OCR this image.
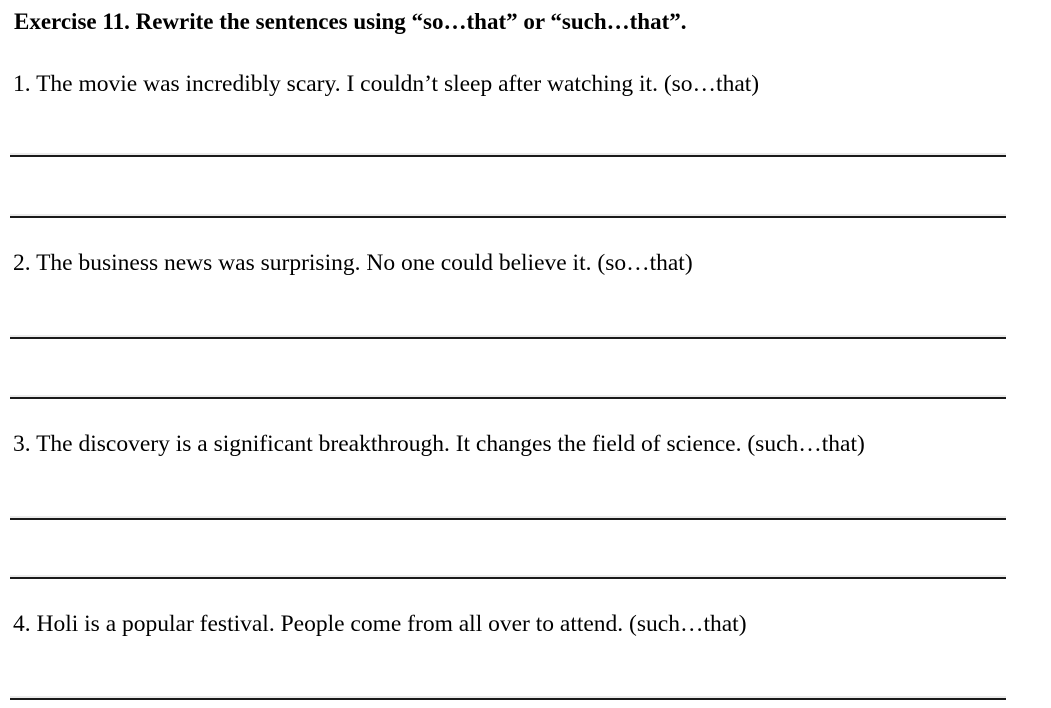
Exercise 11. Rewrite the sentences using “so…that” or “such…that”.
1. The movie was incredibly scary. I couldn’t sleep after watching it. (so…that)
2. The business news was surprising. No one could believe it. (so…that)
3. The discovery is a significant breakthrough. It changes the field of science. (such…that)
4. Holi is a popular festival. People come from all over to attend. (such…that)
